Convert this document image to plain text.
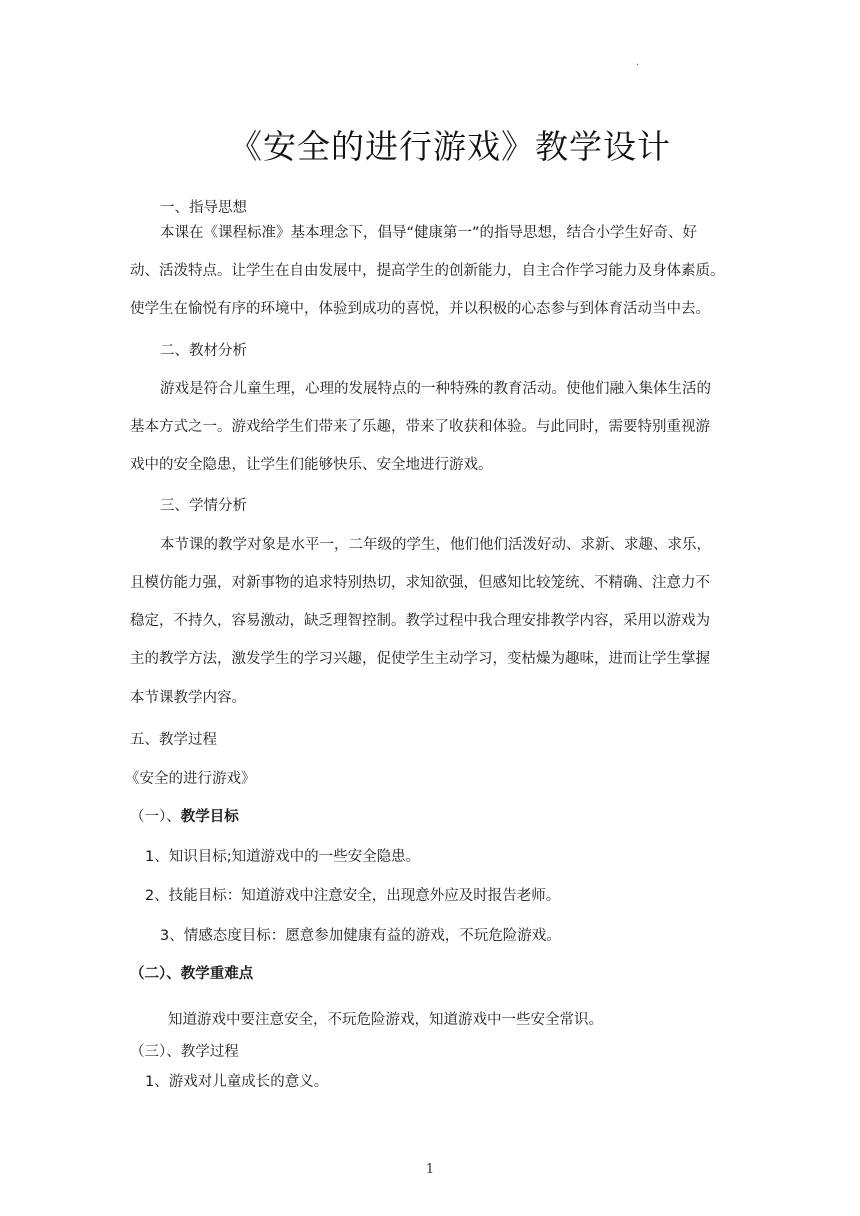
.
《安全的进行游戏》教学设计
一、指导思想
本课在《课程标准》基本理念下，倡导“健康第一”的指导思想，结合小学生好奇、好
动、活泼特点。让学生在自由发展中，提高学生的创新能力，自主合作学习能力及身体素质。
使学生在愉悦有序的环境中，体验到成功的喜悦，并以积极的心态参与到体育活动当中去。
二、教材分析
游戏是符合儿童生理，心理的发展特点的一种特殊的教育活动。使他们融入集体生活的
基本方式之一。游戏给学生们带来了乐趣，带来了收获和体验。与此同时，需要特别重视游
戏中的安全隐患，让学生们能够快乐、安全地进行游戏。
三、学情分析
本节课的教学对象是水平一，二年级的学生，他们他们活泼好动、求新、求趣、求乐，
且模仿能力强，对新事物的追求特别热切，求知欲强，但感知比较笼统、不精确、注意力不
稳定，不持久，容易激动，缺乏理智控制。教学过程中我合理安排教学内容，采用以游戏为
主的教学方法，激发学生的学习兴趣，促使学生主动学习，变枯燥为趣味，进而让学生掌握
本节课教学内容。
五、教学过程
《安全的进行游戏》
（一）、教学目标
1、知识目标;知道游戏中的一些安全隐患。
2、技能目标：知道游戏中注意安全，出现意外应及时报告老师。
3、情感态度目标：愿意参加健康有益的游戏，不玩危险游戏。
（二）、教学重难点
知道游戏中要注意安全，不玩危险游戏，知道游戏中一些安全常识。
（三）、教学过程
1、游戏对儿童成长的意义。
1
